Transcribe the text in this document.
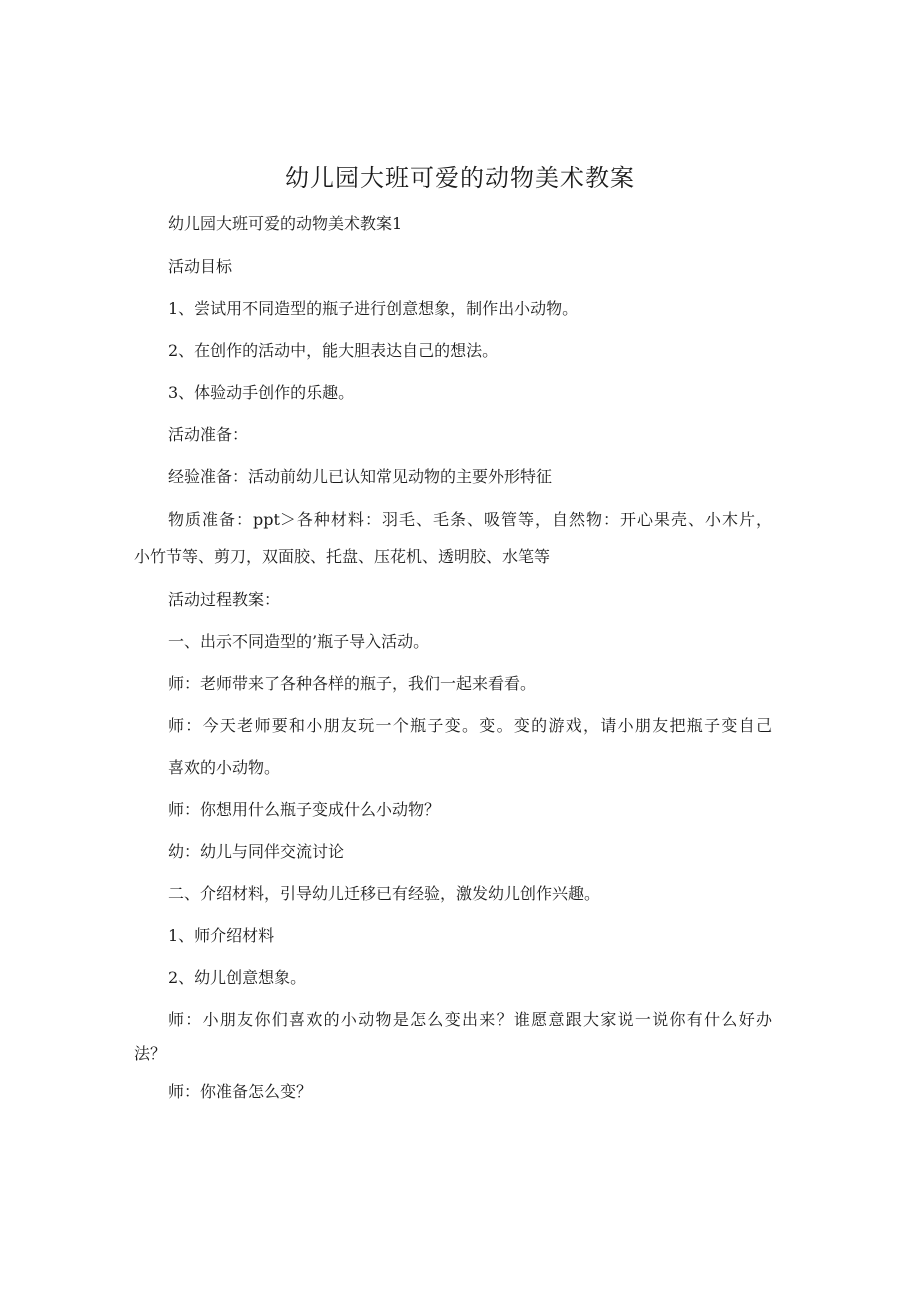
幼儿园大班可爱的动物美术教案
幼儿园大班可爱的动物美术教案1
活动目标
1、尝试用不同造型的瓶子进行创意想象，制作出小动物。
2、在创作的活动中，能大胆表达自己的想法。
3、体验动手创作的乐趣。
活动准备：
经验准备：活动前幼儿已认知常见动物的主要外形特征
物质准备：ppt＞各种材料：羽毛、毛条、吸管等，自然物：开心果壳、小木片，
小竹节等、剪刀，双面胶、托盘、压花机、透明胶、水笔等
活动过程教案：
一、出示不同造型的’瓶子导入活动。
师：老师带来了各种各样的瓶子，我们一起来看看。
师：今天老师要和小朋友玩一个瓶子变。变。变的游戏，请小朋友把瓶子变自己
喜欢的小动物。
师：你想用什么瓶子变成什么小动物？
幼：幼儿与同伴交流讨论
二、介绍材料，引导幼儿迁移已有经验，激发幼儿创作兴趣。
1、师介绍材料
2、幼儿创意想象。
师：小朋友你们喜欢的小动物是怎么变出来？谁愿意跟大家说一说你有什么好办
法？
师：你准备怎么变？
